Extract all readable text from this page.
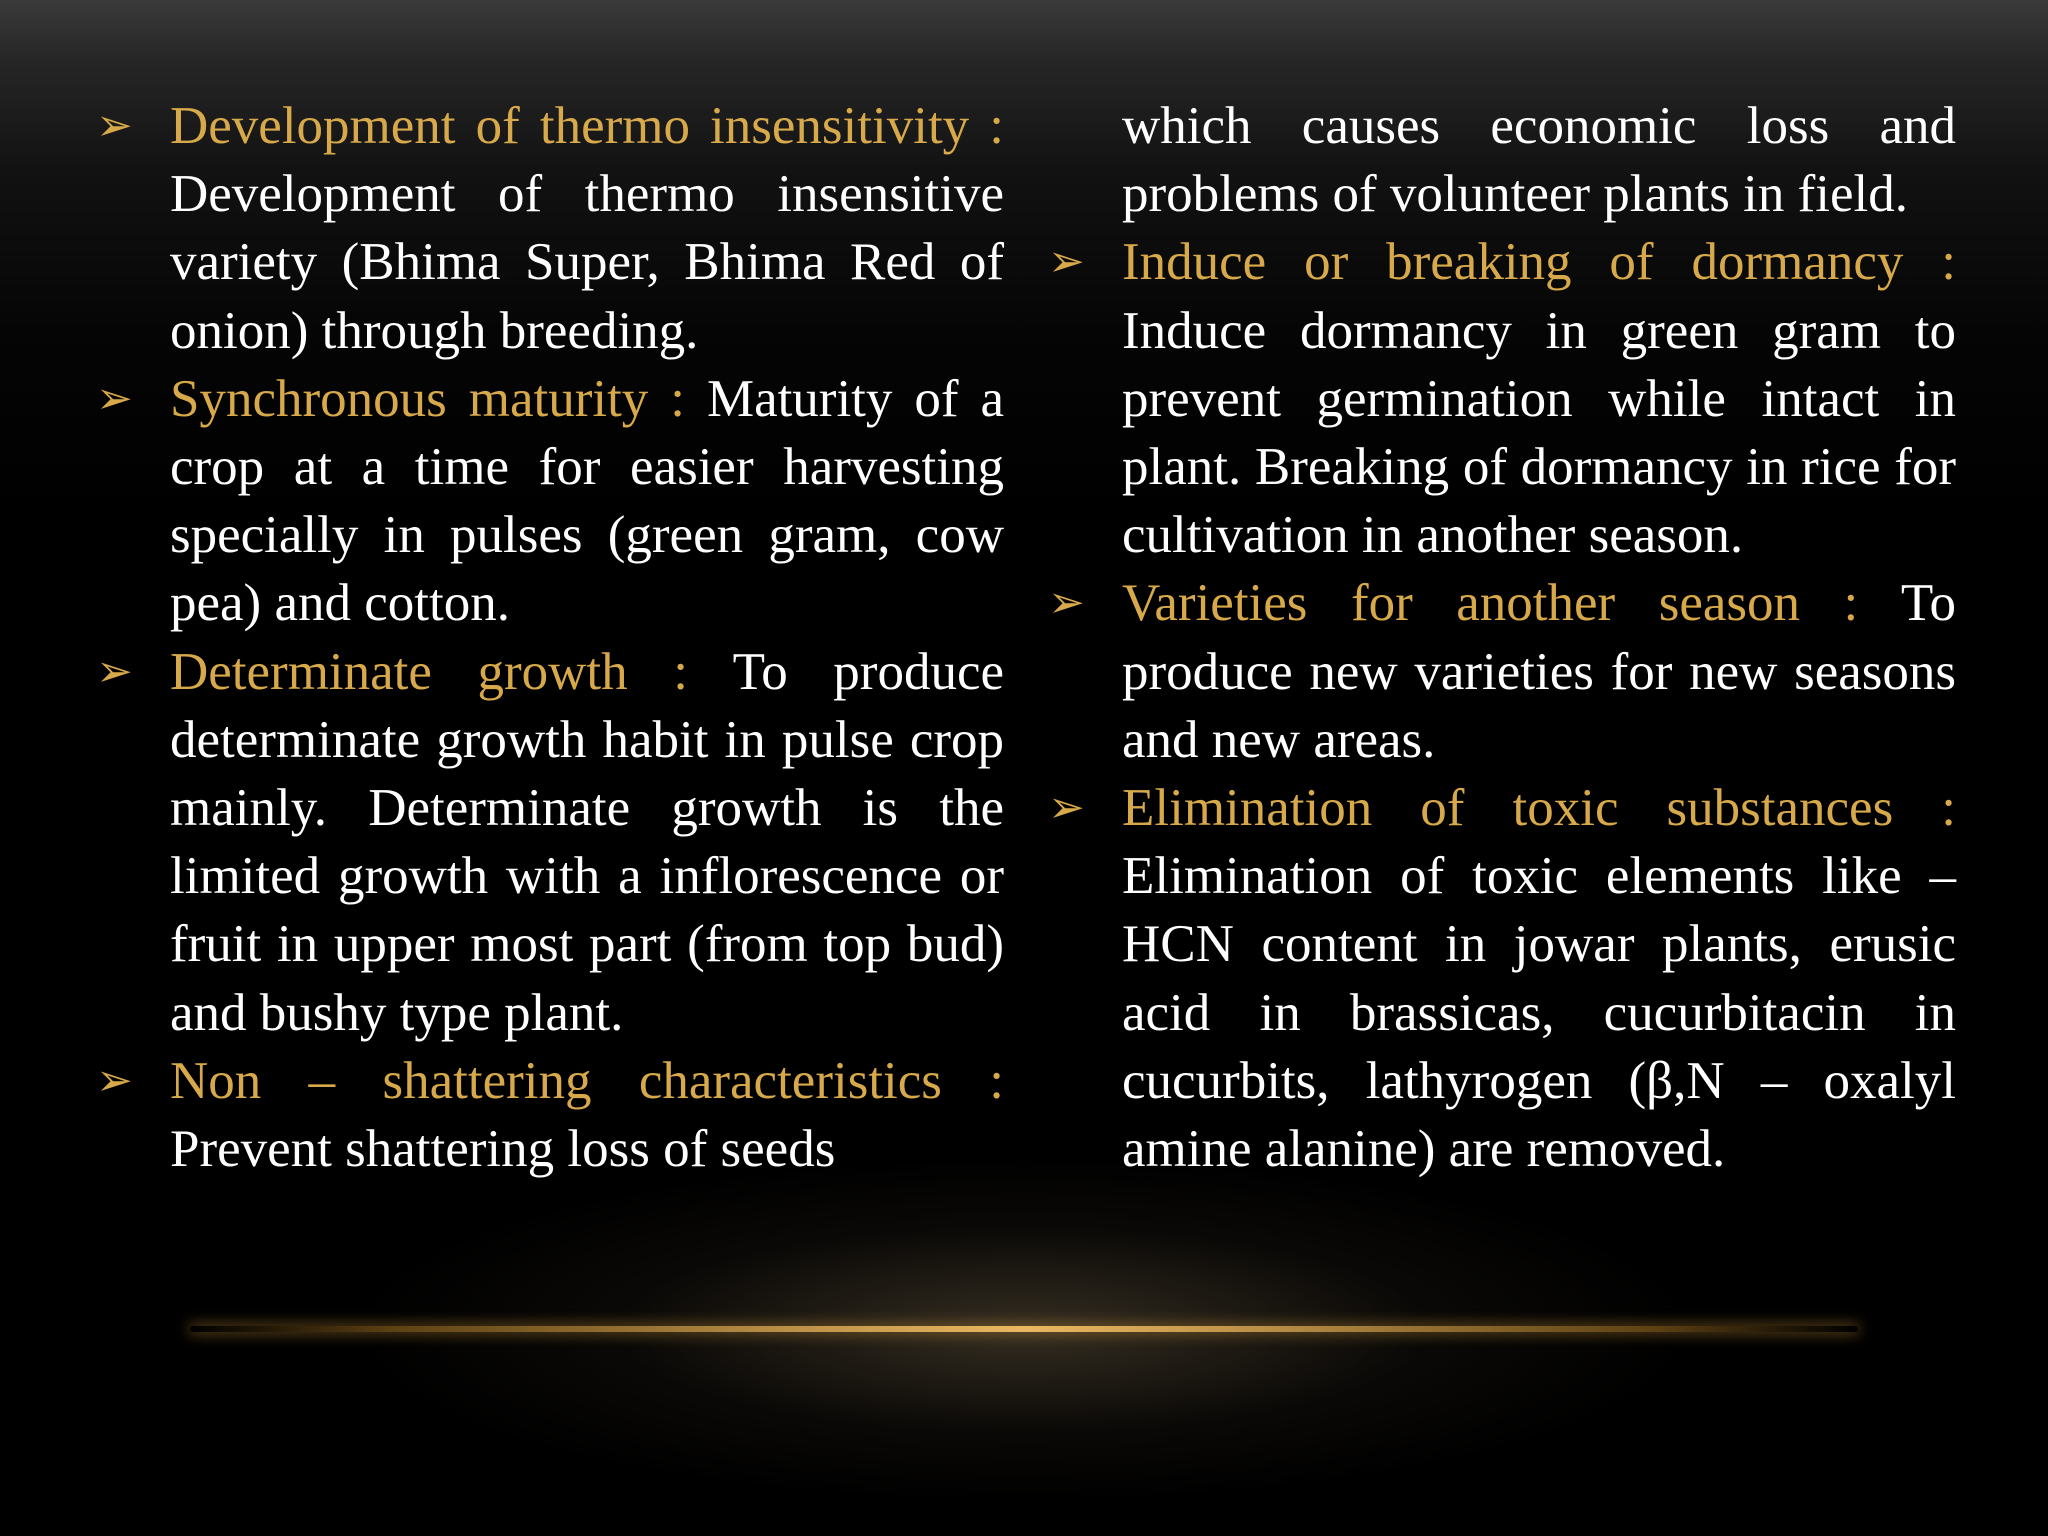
➢ Development of thermo insensitivity : Development of thermo insensitive variety (Bhima Super, Bhima Red of onion) through breeding.

➢ Synchronous maturity : Maturity of a crop at a time for easier harvesting specially in pulses (green gram, cow pea) and cotton.

➢ Determinate growth : To produce determinate growth habit in pulse crop mainly. Determinate growth is the limited growth with a inflorescence or fruit in upper most part (from top bud) and bushy type plant.

➢ Non – shattering characteristics : Prevent shattering loss of seeds

which causes economic loss and problems of volunteer plants in field.

➢ Induce or breaking of dormancy : Induce dormancy in green gram to prevent germination while intact in plant. Breaking of dormancy in rice for cultivation in another season.

➢ Varieties for another season : To produce new varieties for new seasons and new areas.

➢ Elimination of toxic substances : Elimination of toxic elements like – HCN content in jowar plants, erusic acid in brassicas, cucurbitacin in cucurbits, lathyrogen (β,N – oxalyl amine alanine) are removed.
